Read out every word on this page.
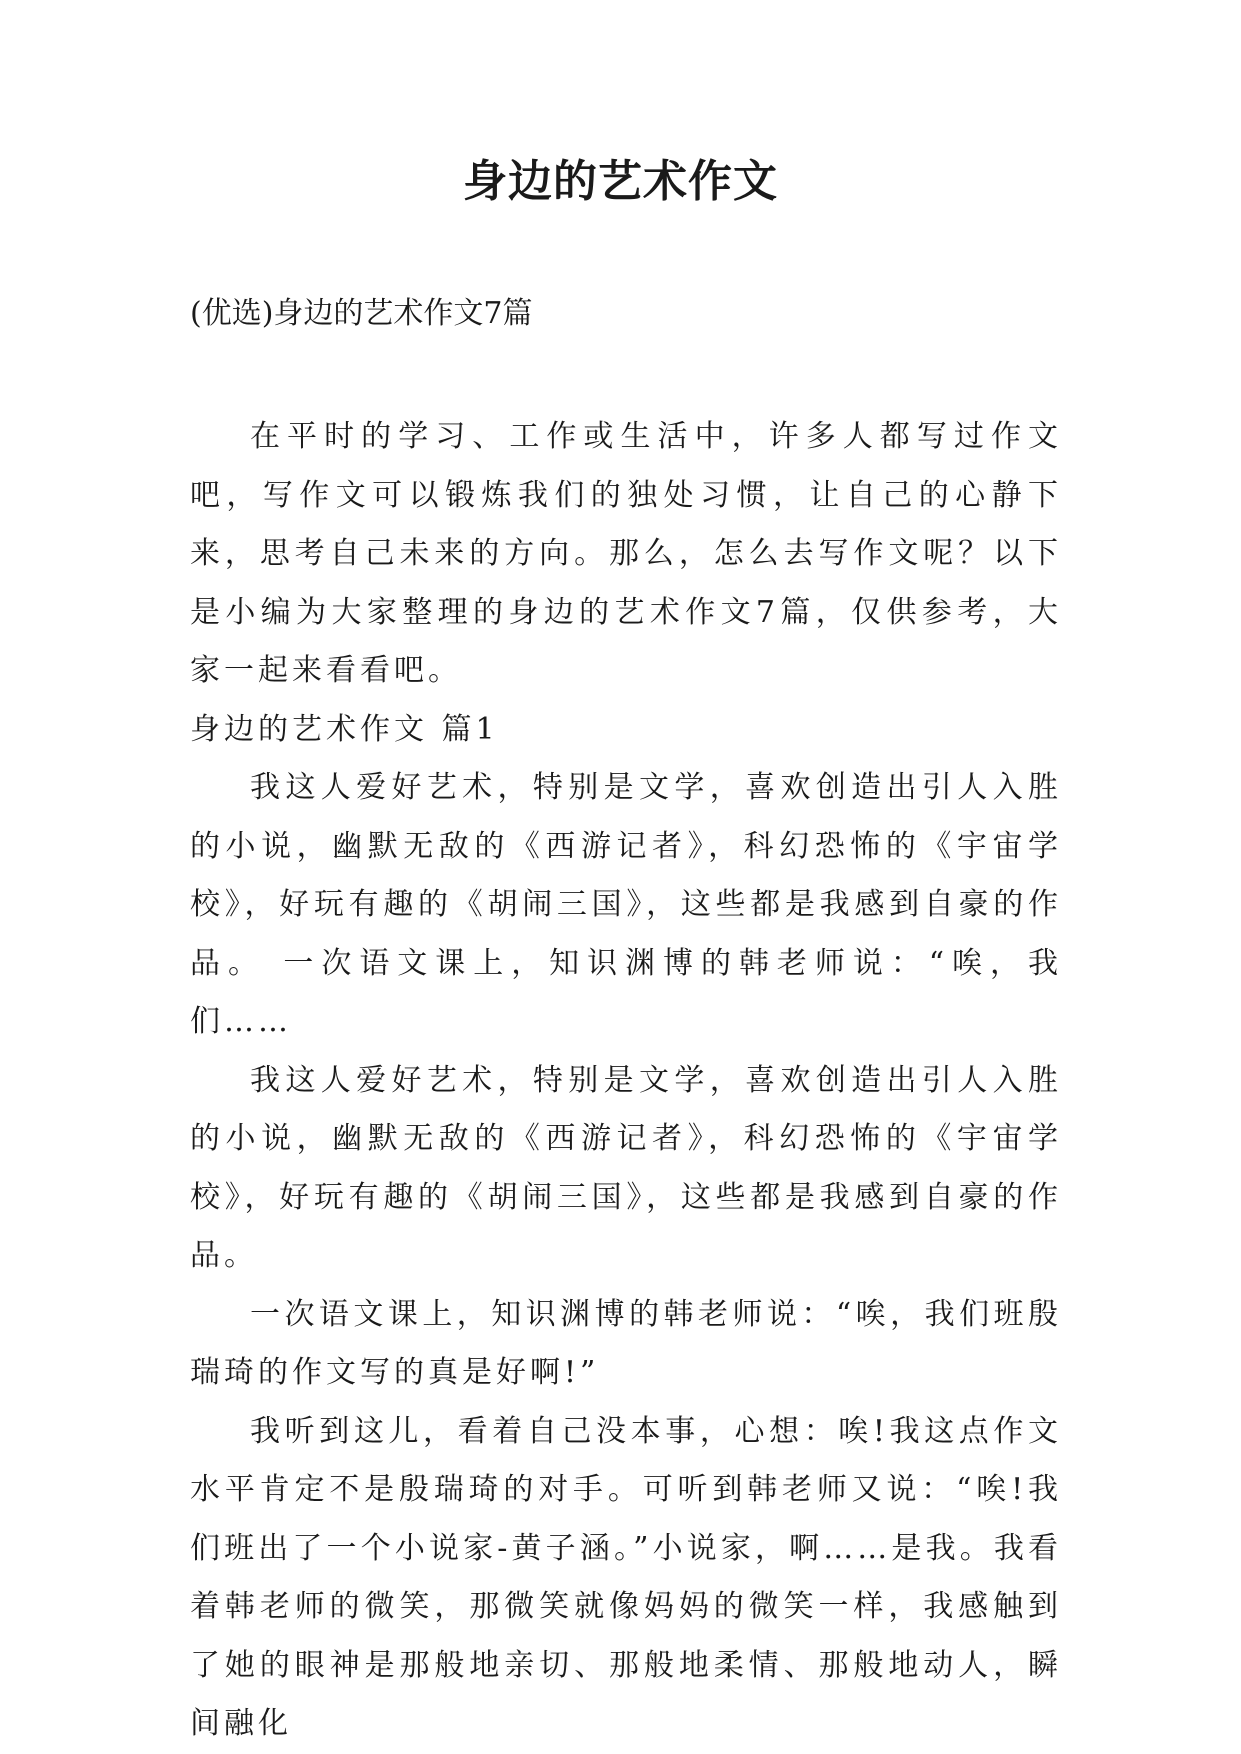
身边的艺术作文
(优选)身边的艺术作文7篇

在平时的学习、工作或生活中，许多人都写过作文吧，写作文可以锻炼我们的独处习惯，让自己的心静下来，思考自己未来的方向。那么，怎么去写作文呢？以下是小编为大家整理的身边的艺术作文7篇，仅供参考，大家一起来看看吧。

身边的艺术作文 篇1

我这人爱好艺术，特别是文学，喜欢创造出引人入胜的小说，幽默无敌的《西游记者》，科幻恐怖的《宇宙学校》，好玩有趣的《胡闹三国》，这些都是我感到自豪的作品。 一次语文课上，知识渊博的韩老师说：“唉，我们……

我这人爱好艺术，特别是文学，喜欢创造出引人入胜的小说，幽默无敌的《西游记者》，科幻恐怖的《宇宙学校》，好玩有趣的《胡闹三国》，这些都是我感到自豪的作品。

一次语文课上，知识渊博的韩老师说：“唉，我们班殷瑞琦的作文写的真是好啊!”

我听到这儿，看着自己没本事，心想：唉!我这点作文水平肯定不是殷瑞琦的对手。可听到韩老师又说：“唉!我们班出了一个小说家-黄子涵。”小说家，啊……是我。我看着韩老师的微笑，那微笑就像妈妈的微笑一样，我感触到了她的眼神是那般地亲切、那般地柔情、那般地动人，瞬间融化
